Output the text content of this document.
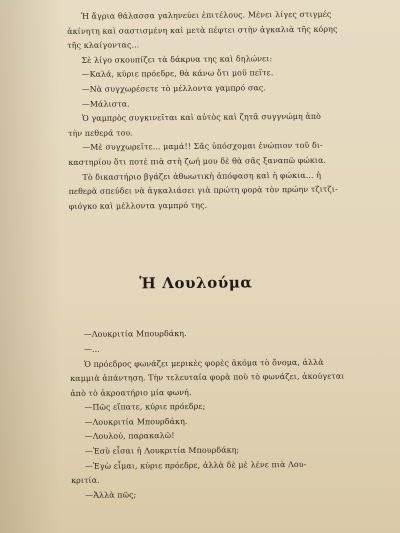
Ἡ ἄγρια θάλασσα γαληνεύει ἐπιτέλους. Μένει λίγες στιγμές
ἀκίνητη καὶ σαστισμένη καὶ μετὰ πέφτει στὴν ἀγκαλιὰ τῆς κόρης
τῆς κλαίγοντας...
Σὲ λίγο σκουπίζει τὰ δάκρυα της καὶ δηλώνει:
—Καλά, κύριε πρόεδρε, θὰ κάνω ὅτι μοῦ πεῖτε.
—Νὰ συγχωρέσετε τὸ μέλλοντα γαμπρό σας.
—Μάλιστα.
Ὁ γαμπρὸς συγκινεῖται καὶ αὐτὸς καὶ ζητᾶ συγγνώμη ἀπὸ
τὴν πεθερά του.
—Μὲ συγχωρεῖτε... μαμά!! Σᾶς ὑπόσχομαι ἐνώπιον τοῦ δι-
καστηρίου ὅτι ποτὲ πιὰ στὴ ζωή μου δὲ θὰ σᾶς ξαναπῶ φώκια.
Τὸ δικαστήριο βγάζει ἀθωωτικὴ ἀπόφαση καὶ ἡ φώκια... ἡ
πεθερὰ σπεύδει νὰ ἀγκαλιάσει γιὰ πρώτη φορὰ τὸν πρώην τζιτζι-
φιόγκο καὶ μέλλοντα γαμπρό της.
Ἡ Λουλούμα
—Λουκριτία Μπουρδάκη.
—...
Ὁ πρόεδρος φωνάζει μερικὲς φορὲς ἀκόμα τὸ ὄνομα, ἀλλὰ
καμμιὰ ἀπάντηση. Τὴν τελευταία φορὰ ποὺ τὸ φωνάζει, ἀκούγεται
ἀπὸ τὸ ἀκροατήριο μία φωνή.
—Πῶς εἴπατε, κύριε πρόεδρε;
—Λουκριτία Μπουρδάκη.
—Λουλού, παρακαλῶ!
—Ἐσὺ εἶσαι ἡ Λουκριτία Μπουρδάκη;
—Ἐγὼ εἶμαι, κύριε πρόεδρε, ἀλλὰ δὲ μὲ λένε πιὰ Λου-
κριτία.
—Ἀλλὰ πῶς;
